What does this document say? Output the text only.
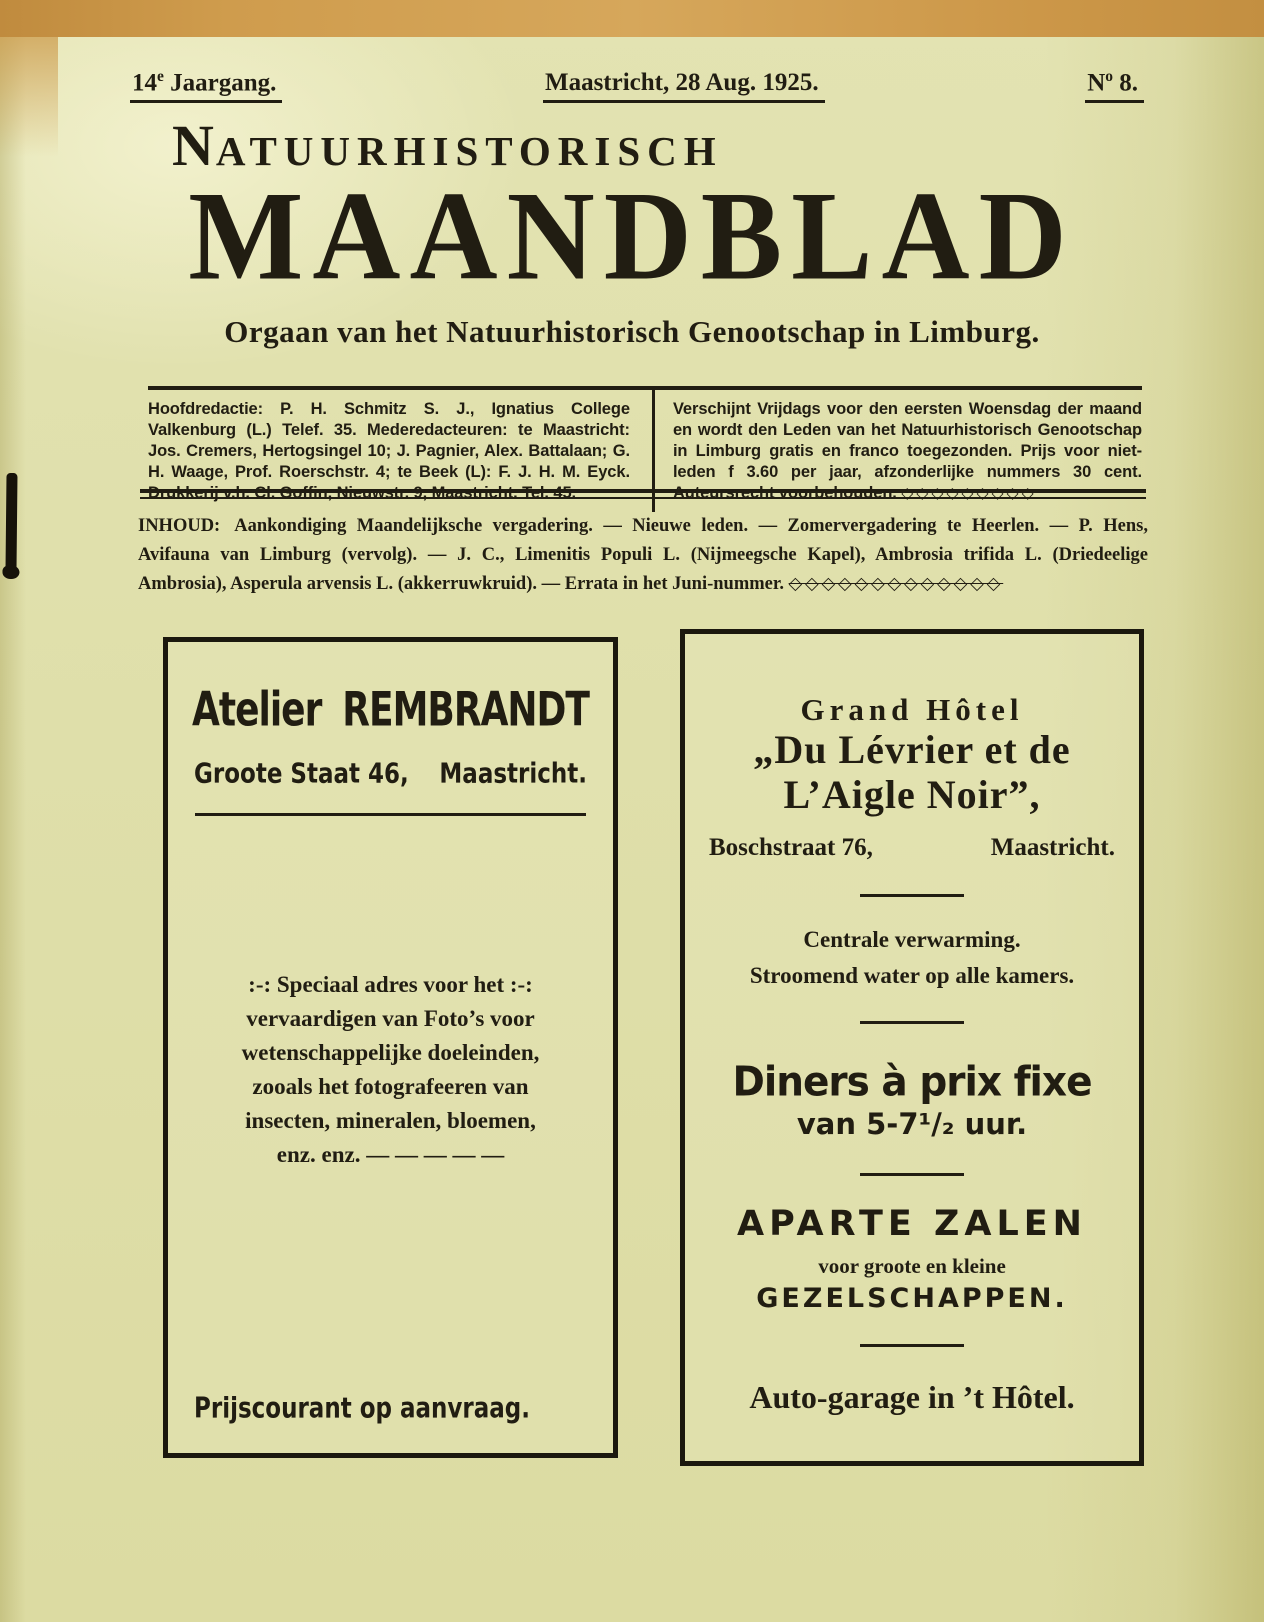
14e Jaargang.	Maastricht, 28 Aug. 1925.	$N^o$ 8.
NATUURHISTORISCH
MAANDBLAD
Orgaan van het Natuurhistorisch Genootschap in Limburg.
Hoofdredactie: P. H. Schmitz S. J., Ignatius College Valkenburg (L.) Telef. 35. Mederedacteuren: te Maastricht: Jos. Cremers, Hertogsingel 10; J. Pagnier, Alex. Battalaan; G. H. Waage, Prof. Roerschstr. 4; te Beek (L): F. J. H. M. Eyck. Drukkerij v.h. Cl. Goffin, Nieuwstr. 9, Maastricht. Tel. 45.
Verschijnt Vrijdags voor den eersten Woensdag der maand en wordt den Leden van het Natuurhistorisch Genootschap in Limburg gratis en franco toegezonden. Prijs voor niet-leden f 3.60 per jaar, afzonderlijke nummers 30 cent. Auteursrecht voorbehouden. ◇◇◇◇◇◇◇◇◇
INHOUD: Aankondiging Maandelijksche vergadering. — Nieuwe leden. — Zomervergadering te Heerlen. — P. Hens, Avifauna van Limburg (vervolg). — J. C., Limenitis Populi L. (Nijmeegsche Kapel), Ambrosia trifida L. (Driedeelige Ambrosia), Asperula arvensis L. (akkerruwkruid). — Errata in het Juni-nummer. ◇◇◇◇◇◇◇◇◇◇◇◇◇
Atelier REMBRANDT
Groote Staat 46, Maastricht.
:-: Speciaal adres voor het :-:
vervaardigen van Foto’s voor
wetenschappelijke doeleinden,
zooals het fotografeeren van
insecten, mineralen, bloemen,
enz. enz. — — — — —
Prijscourant op aanvraag.
Grand Hôtel
„Du Lévrier et de
L’Aigle Noir”,
Boschstraat 76,	Maastricht.
Centrale verwarming.
Stroomend water op alle kamers.
Diners à prix fixe
van 5-7¹/₂ uur.
APARTE ZALEN
voor groote en kleine
GEZELSCHAPPEN.
Auto-garage in ’t Hôtel.
